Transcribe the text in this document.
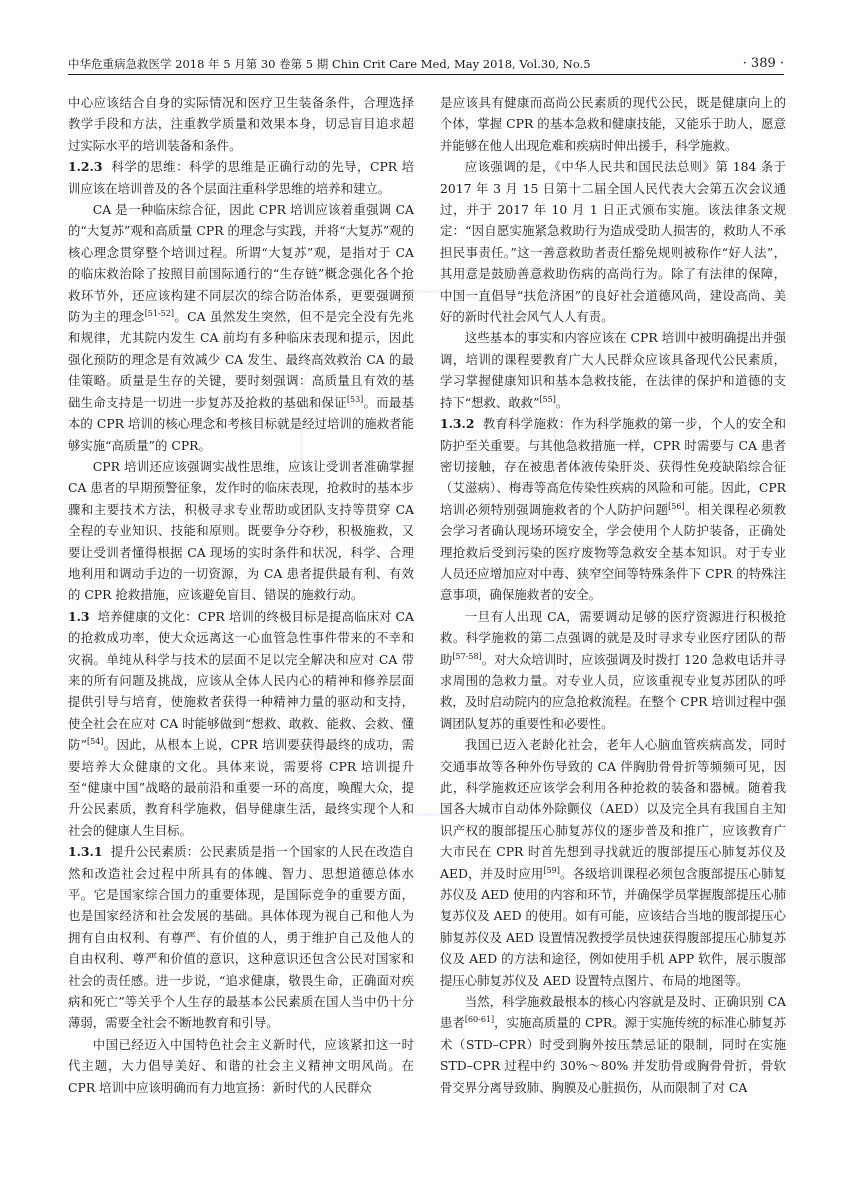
中华危重病急救医学 2018 年 5 月第 30 卷第 5 期 Chin Crit Care Med, May 2018, Vol.30, No.5	· 389 ·

中心应该结合自身的实际情况和医疗卫生装备条件，合理选择教学手段和方法，注重教学质量和效果本身，切忌盲目追求超过实际水平的培训装备和条件。

1.2.3 科学的思维：科学的思维是正确行动的先导，CPR 培训应该在培训普及的各个层面注重科学思维的培养和建立。

CA 是一种临床综合征，因此 CPR 培训应该着重强调 CA 的“大复苏”观和高质量 CPR 的理念与实践，并将“大复苏”观的核心理念贯穿整个培训过程。所谓“大复苏”观，是指对于 CA 的临床救治除了按照目前国际通行的“生存链”概念强化各个抢救环节外，还应该构建不同层次的综合防治体系，更要强调预防为主的理念[51-52]。CA 虽然发生突然，但不是完全没有先兆和规律，尤其院内发生 CA 前均有多种临床表现和提示，因此强化预防的理念是有效减少 CA 发生、最终高效救治 CA 的最佳策略。质量是生存的关键，要时刻强调：高质量且有效的基础生命支持是一切进一步复苏及抢救的基础和保证[53]。而最基本的 CPR 培训的核心理念和考核目标就是经过培训的施救者能够实施“高质量”的 CPR。

CPR 培训还应该强调实战性思维，应该让受训者准确掌握 CA 患者的早期预警征象，发作时的临床表现，抢救时的基本步骤和主要技术方法，积极寻求专业帮助或团队支持等贯穿 CA 全程的专业知识、技能和原则。既要争分夺秒，积极施救，又要让受训者懂得根据 CA 现场的实时条件和状况，科学、合理地利用和调动手边的一切资源，为 CA 患者提供最有利、有效的 CPR 抢救措施，应该避免盲目、错误的施救行动。

1.3 培养健康的文化：CPR 培训的终极目标是提高临床对 CA 的抢救成功率，使大众远离这一心血管急性事件带来的不幸和灾祸。单纯从科学与技术的层面不足以完全解决和应对 CA 带来的所有问题及挑战，应该从全体人民内心的精神和修养层面提供引导与培育，使施救者获得一种精神力量的驱动和支持，使全社会在应对 CA 时能够做到“想救、敢救、能救、会救、懂防”[54]。因此，从根本上说，CPR 培训要获得最终的成功，需要培养大众健康的文化。具体来说，需要将 CPR 培训提升至“健康中国”战略的最前沿和重要一环的高度，唤醒大众，提升公民素质，教育科学施救，倡导健康生活，最终实现个人和社会的健康人生目标。

1.3.1 提升公民素质：公民素质是指一个国家的人民在改造自然和改造社会过程中所具有的体魄、智力、思想道德总体水平。它是国家综合国力的重要体现，是国际竞争的重要方面，也是国家经济和社会发展的基础。具体体现为视自己和他人为拥有自由权利、有尊严、有价值的人，勇于维护自己及他人的自由权利、尊严和价值的意识，这种意识还包含公民对国家和社会的责任感。进一步说，“追求健康，敬畏生命，正确面对疾病和死亡”等关乎个人生存的最基本公民素质在国人当中仍十分薄弱，需要全社会不断地教育和引导。

中国已经迈入中国特色社会主义新时代，应该紧扣这一时代主题，大力倡导美好、和谐的社会主义精神文明风尚。在 CPR 培训中应该明确而有力地宣扬：新时代的人民群众

是应该具有健康而高尚公民素质的现代公民，既是健康向上的个体，掌握 CPR 的基本急救和健康技能，又能乐于助人，愿意并能够在他人出现危难和疾病时伸出援手，科学施救。

应该强调的是，《中华人民共和国民法总则》第 184 条于 2017 年 3 月 15 日第十二届全国人民代表大会第五次会议通过，并于 2017 年 10 月 1 日正式颁布实施。该法律条文规定：“因自愿实施紧急救助行为造成受助人损害的，救助人不承担民事责任。”这一善意救助者责任豁免规则被称作“好人法”，其用意是鼓励善意救助伤病的高尚行为。除了有法律的保障，中国一直倡导“扶危济困”的良好社会道德风尚，建设高尚、美好的新时代社会风气人人有责。

这些基本的事实和内容应该在 CPR 培训中被明确提出并强调，培训的课程要教育广大人民群众应该具备现代公民素质，学习掌握健康知识和基本急救技能，在法律的保护和道德的支持下“想救、敢救”[55]。

1.3.2 教育科学施救：作为科学施救的第一步，个人的安全和防护至关重要。与其他急救措施一样，CPR 时需要与 CA 患者密切接触，存在被患者体液传染肝炎、获得性免疫缺陷综合征（艾滋病）、梅毒等高危传染性疾病的风险和可能。因此，CPR 培训必须特别强调施救者的个人防护问题[56]。相关课程必须教会学习者确认现场环境安全，学会使用个人防护装备，正确处理抢救后受到污染的医疗废物等急救安全基本知识。对于专业人员还应增加应对中毒、狭窄空间等特殊条件下 CPR 的特殊注意事项，确保施救者的安全。

一旦有人出现 CA，需要调动足够的医疗资源进行积极抢救。科学施救的第二点强调的就是及时寻求专业医疗团队的帮助[57-58]。对大众培训时，应该强调及时拨打 120 急救电话并寻求周围的急救力量。对专业人员，应该重视专业复苏团队的呼救，及时启动院内的应急抢救流程。在整个 CPR 培训过程中强调团队复苏的重要性和必要性。

我国已迈入老龄化社会，老年人心脑血管疾病高发，同时交通事故等各种外伤导致的 CA 伴胸肋骨骨折等频频可见，因此，科学施救还应该学会利用各种抢救的装备和器械。随着我国各大城市自动体外除颤仪（AED）以及完全具有我国自主知识产权的腹部提压心肺复苏仪的逐步普及和推广，应该教育广大市民在 CPR 时首先想到寻找就近的腹部提压心肺复苏仪及 AED，并及时应用[59]。各级培训课程必须包含腹部提压心肺复苏仪及 AED 使用的内容和环节，并确保学员掌握腹部提压心肺复苏仪及 AED 的使用。如有可能，应该结合当地的腹部提压心肺复苏仪及 AED 设置情况教授学员快速获得腹部提压心肺复苏仪及 AED 的方法和途径，例如使用手机 APP 软件，展示腹部提压心肺复苏仪及 AED 设置特点图片、布局的地图等。

当然，科学施救最根本的核心内容就是及时、正确识别 CA 患者[60-61]，实施高质量的 CPR。源于实施传统的标准心肺复苏术（STD–CPR）时受到胸外按压禁忌证的限制，同时在实施 STD–CPR 过程中约 30%～80% 并发肋骨或胸骨骨折，骨软骨交界分离导致肺、胸膜及心脏损伤，从而限制了对 CA
